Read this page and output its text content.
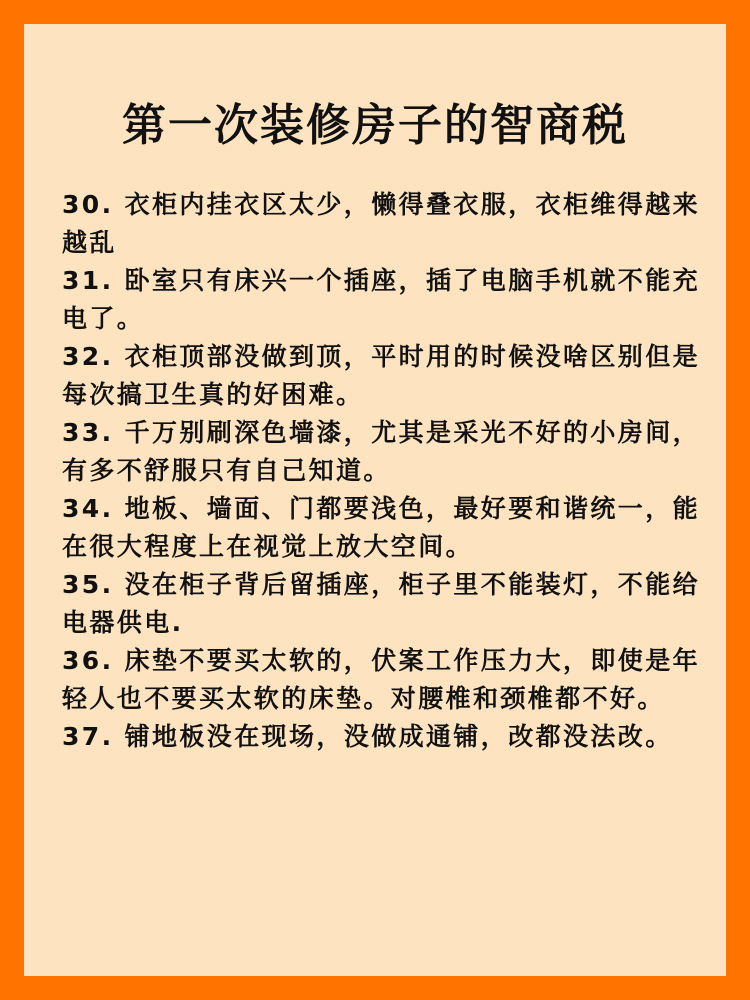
第一次装修房子的智商税

30. 衣柜内挂衣区太少，懒得叠衣服，衣柜维得越来越乱

31. 卧室只有床兴一个插座，插了电脑手机就不能充电了。

32. 衣柜顶部没做到顶，平时用的时候没啥区别但是每次搞卫生真的好困难。

33. 千万别刷深色墙漆，尤其是采光不好的小房间，有多不舒服只有自己知道。

34. 地板、墙面、门都要浅色，最好要和谐统一，能在很大程度上在视觉上放大空间。

35. 没在柜子背后留插座，柜子里不能装灯，不能给电器供电.

36. 床垫不要买太软的，伏案工作压力大，即使是年轻人也不要买太软的床垫。对腰椎和颈椎都不好。

37. 铺地板没在现场，没做成通铺，改都没法改。
